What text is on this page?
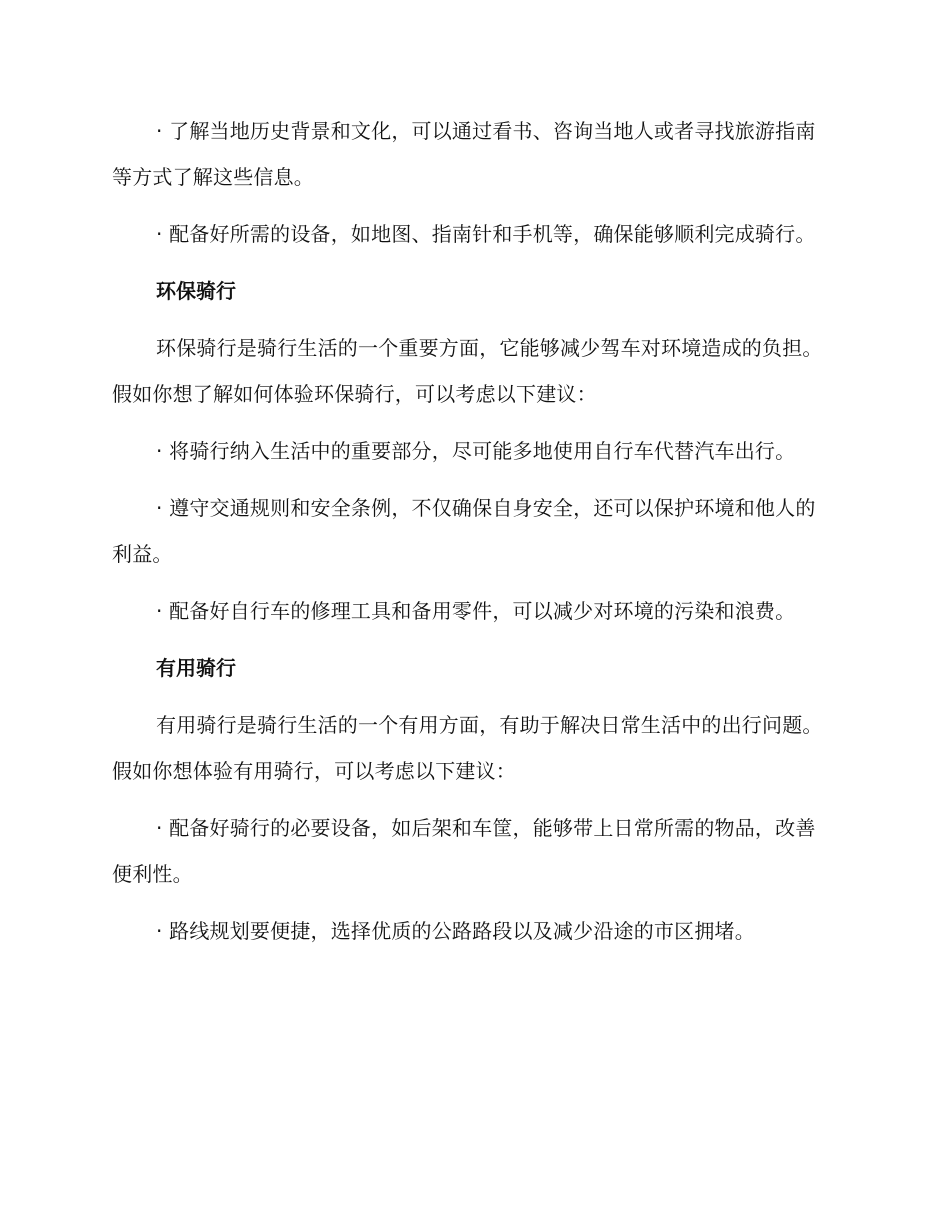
· 了解当地历史背景和文化，可以通过看书、咨询当地人或者寻找旅游指南等方式了解这些信息。

· 配备好所需的设备，如地图、指南针和手机等，确保能够顺利完成骑行。

环保骑行

环保骑行是骑行生活的一个重要方面，它能够减少驾车对环境造成的负担。假如你想了解如何体验环保骑行，可以考虑以下建议：

· 将骑行纳入生活中的重要部分，尽可能多地使用自行车代替汽车出行。

· 遵守交通规则和安全条例，不仅确保自身安全，还可以保护环境和他人的利益。

· 配备好自行车的修理工具和备用零件，可以减少对环境的污染和浪费。

有用骑行

有用骑行是骑行生活的一个有用方面，有助于解决日常生活中的出行问题。假如你想体验有用骑行，可以考虑以下建议：

· 配备好骑行的必要设备，如后架和车筐，能够带上日常所需的物品，改善便利性。

· 路线规划要便捷，选择优质的公路路段以及减少沿途的市区拥堵。
